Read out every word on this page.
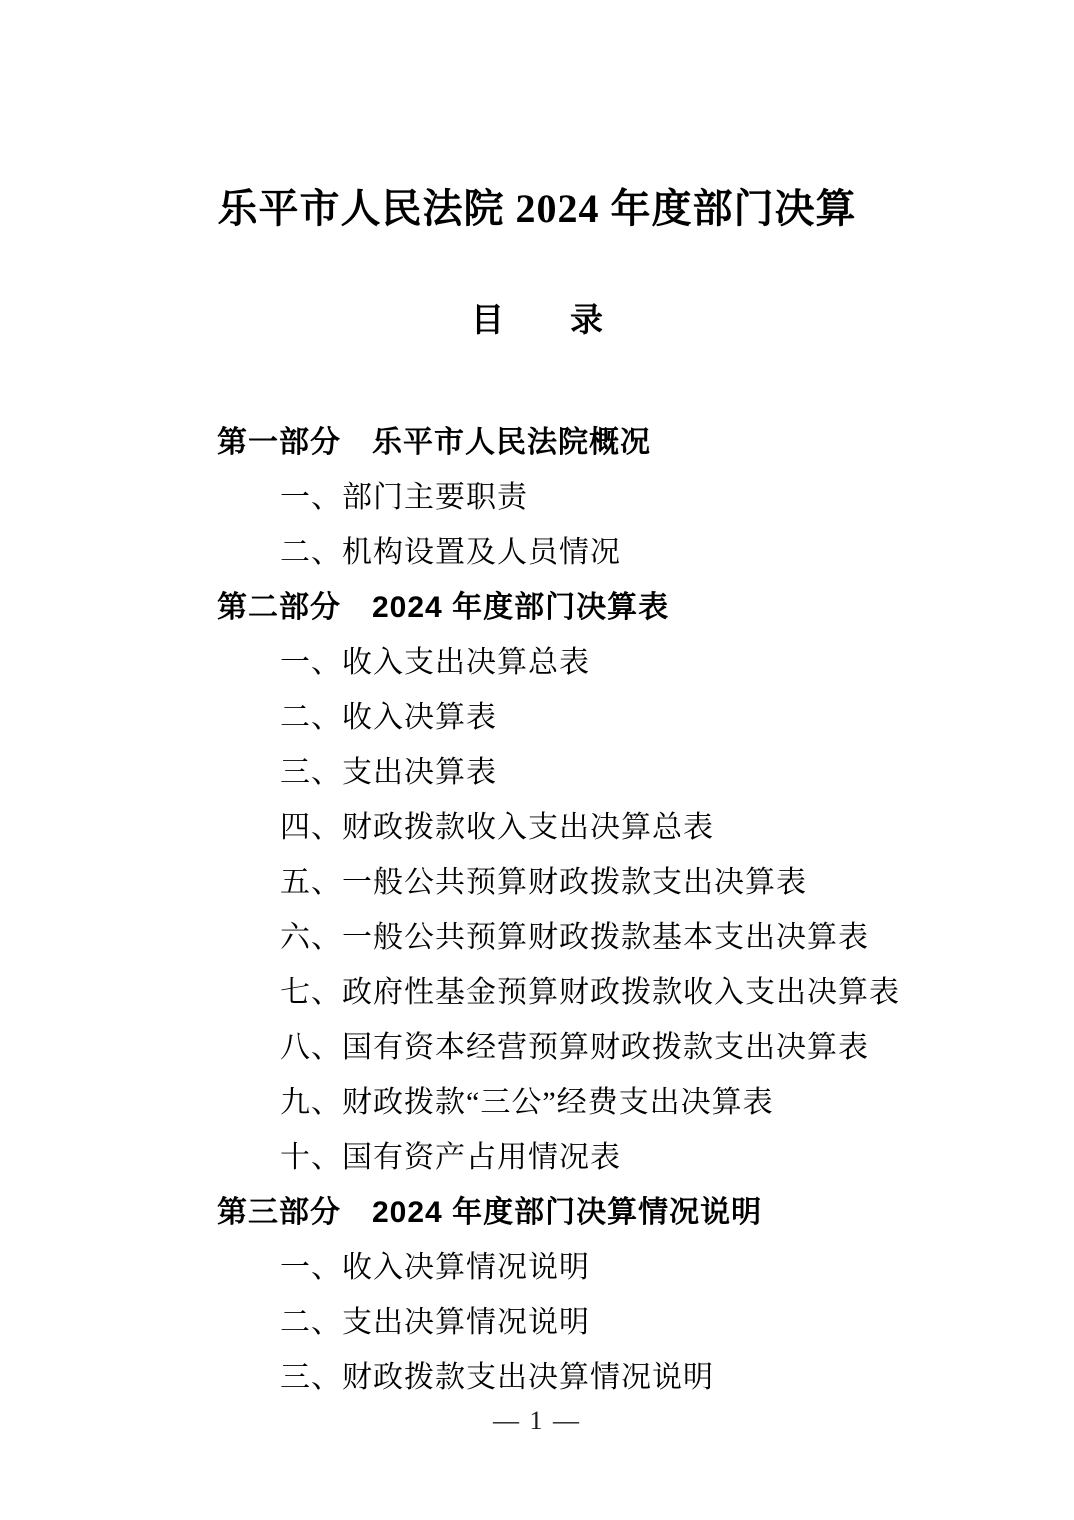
乐平市人民法院 2024 年度部门决算
目　　录
第一部分　乐平市人民法院概况
一、部门主要职责
二、机构设置及人员情况
第二部分　2024 年度部门决算表
一、收入支出决算总表
二、收入决算表
三、支出决算表
四、财政拨款收入支出决算总表
五、一般公共预算财政拨款支出决算表
六、一般公共预算财政拨款基本支出决算表
七、政府性基金预算财政拨款收入支出决算表
八、国有资本经营预算财政拨款支出决算表
九、财政拨款“三公”经费支出决算表
十、国有资产占用情况表
第三部分　2024 年度部门决算情况说明
一、收入决算情况说明
二、支出决算情况说明
三、财政拨款支出决算情况说明
— 1 —
